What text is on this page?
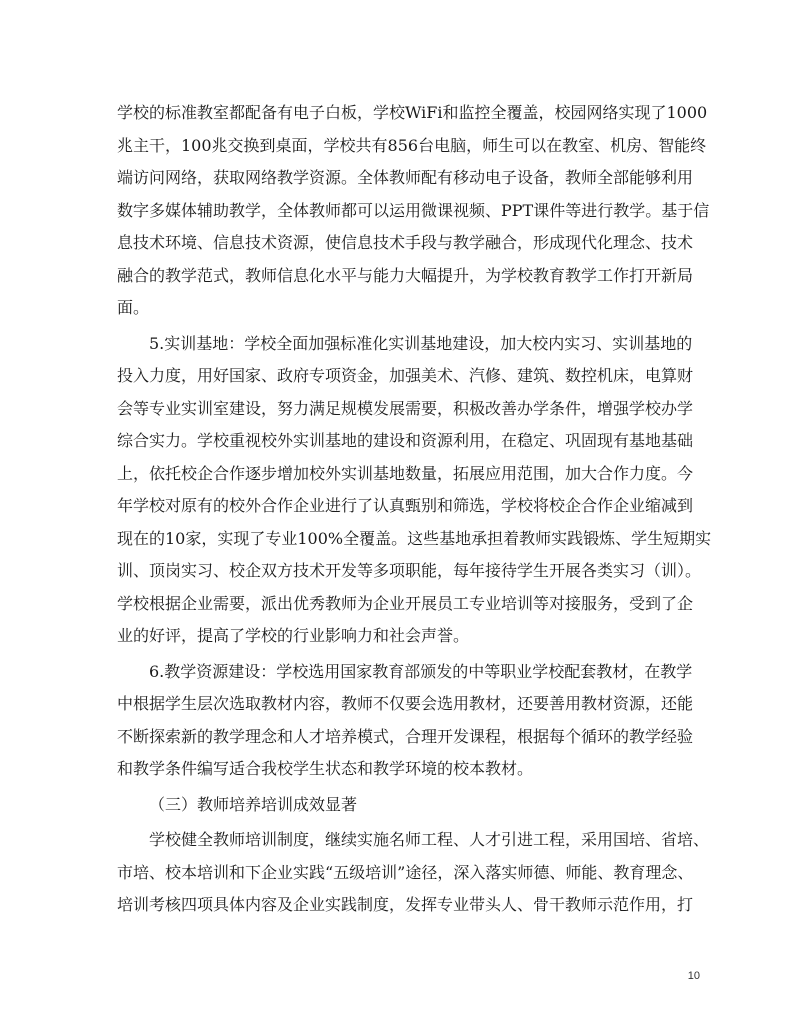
学校的标准教室都配备有电子白板，学校WiFi和监控全覆盖，校园网络实现了1000
兆主干，100兆交换到桌面，学校共有856台电脑，师生可以在教室、机房、智能终
端访问网络，获取网络教学资源。全体教师配有移动电子设备，教师全部能够利用
数字多媒体辅助教学，全体教师都可以运用微课视频、PPT课件等进行教学。基于信
息技术环境、信息技术资源，使信息技术手段与教学融合，形成现代化理念、技术
融合的教学范式，教师信息化水平与能力大幅提升，为学校教育教学工作打开新局
面。
5.实训基地：学校全面加强标准化实训基地建设，加大校内实习、实训基地的
投入力度，用好国家、政府专项资金，加强美术、汽修、建筑、数控机床，电算财
会等专业实训室建设，努力满足规模发展需要，积极改善办学条件，增强学校办学
综合实力。学校重视校外实训基地的建设和资源利用，在稳定、巩固现有基地基础
上，依托校企合作逐步增加校外实训基地数量，拓展应用范围，加大合作力度。今
年学校对原有的校外合作企业进行了认真甄别和筛选，学校将校企合作企业缩减到
现在的10家，实现了专业100%全覆盖。这些基地承担着教师实践锻炼、学生短期实
训、顶岗实习、校企双方技术开发等多项职能，每年接待学生开展各类实习（训）。
学校根据企业需要，派出优秀教师为企业开展员工专业培训等对接服务，受到了企
业的好评，提高了学校的行业影响力和社会声誉。
6.教学资源建设：学校选用国家教育部颁发的中等职业学校配套教材，在教学
中根据学生层次选取教材内容，教师不仅要会选用教材，还要善用教材资源，还能
不断探索新的教学理念和人才培养模式，合理开发课程，根据每个循环的教学经验
和教学条件编写适合我校学生状态和教学环境的校本教材。
（三）教师培养培训成效显著
学校健全教师培训制度，继续实施名师工程、人才引进工程，采用国培、省培、
市培、校本培训和下企业实践“五级培训”途径，深入落实师德、师能、教育理念、
培训考核四项具体内容及企业实践制度，发挥专业带头人、骨干教师示范作用，打
10
